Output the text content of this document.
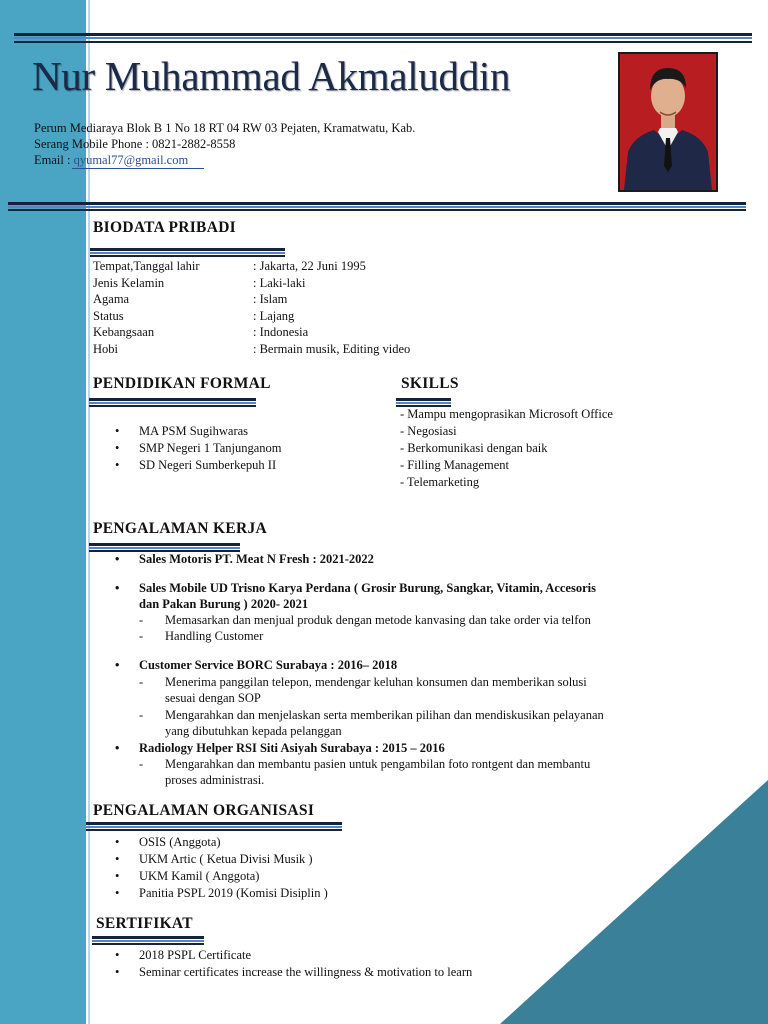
Nur Muhammad Akmaluddin
Perum Mediaraya Blok B 1 No 18 RT 04 RW 03 Pejaten, Kramatwatu, Kab.
Serang Mobile Phone : 0821-2882-8558
Email : qyumal77@gmail.com
BIODATA PRIBADI
Tempat,Tanggal lahir	: Jakarta, 22 Juni 1995
Jenis Kelamin	: Laki-laki
Agama	: Islam
Status	: Lajang
Kebangsaan	: Indonesia
Hobi	: Bermain musik, Editing video
PENDIDIKAN FORMAL
• MA PSM Sugihwaras
• SMP Negeri 1 Tanjunganom
• SD Negeri Sumberkepuh II
SKILLS
- Mampu mengoprasikan Microsoft Office
- Negosiasi
- Berkomunikasi dengan baik
- Filling Management
- Telemarketing
PENGALAMAN KERJA
• Sales Motoris PT. Meat N Fresh : 2021-2022
• Sales Mobile UD Trisno Karya Perdana ( Grosir Burung, Sangkar, Vitamin, Accesoris
dan Pakan Burung ) 2020- 2021
- Memasarkan dan menjual produk dengan metode kanvasing dan take order via telfon
- Handling Customer
• Customer Service BORC Surabaya : 2016– 2018
- Menerima panggilan telepon, mendengar keluhan konsumen dan memberikan solusi
sesuai dengan SOP
- Mengarahkan dan menjelaskan serta memberikan pilihan dan mendiskusikan pelayanan
yang dibutuhkan kepada pelanggan
• Radiology Helper RSI Siti Asiyah Surabaya : 2015 – 2016
- Mengarahkan dan membantu pasien untuk pengambilan foto rontgent dan membantu
proses administrasi.
PENGALAMAN ORGANISASI
• OSIS (Anggota)
• UKM Artic ( Ketua Divisi Musik )
• UKM Kamil ( Anggota)
• Panitia PSPL 2019 (Komisi Disiplin )
SERTIFIKAT
• 2018 PSPL Certificate
• Seminar certificates increase the willingness & motivation to learn
